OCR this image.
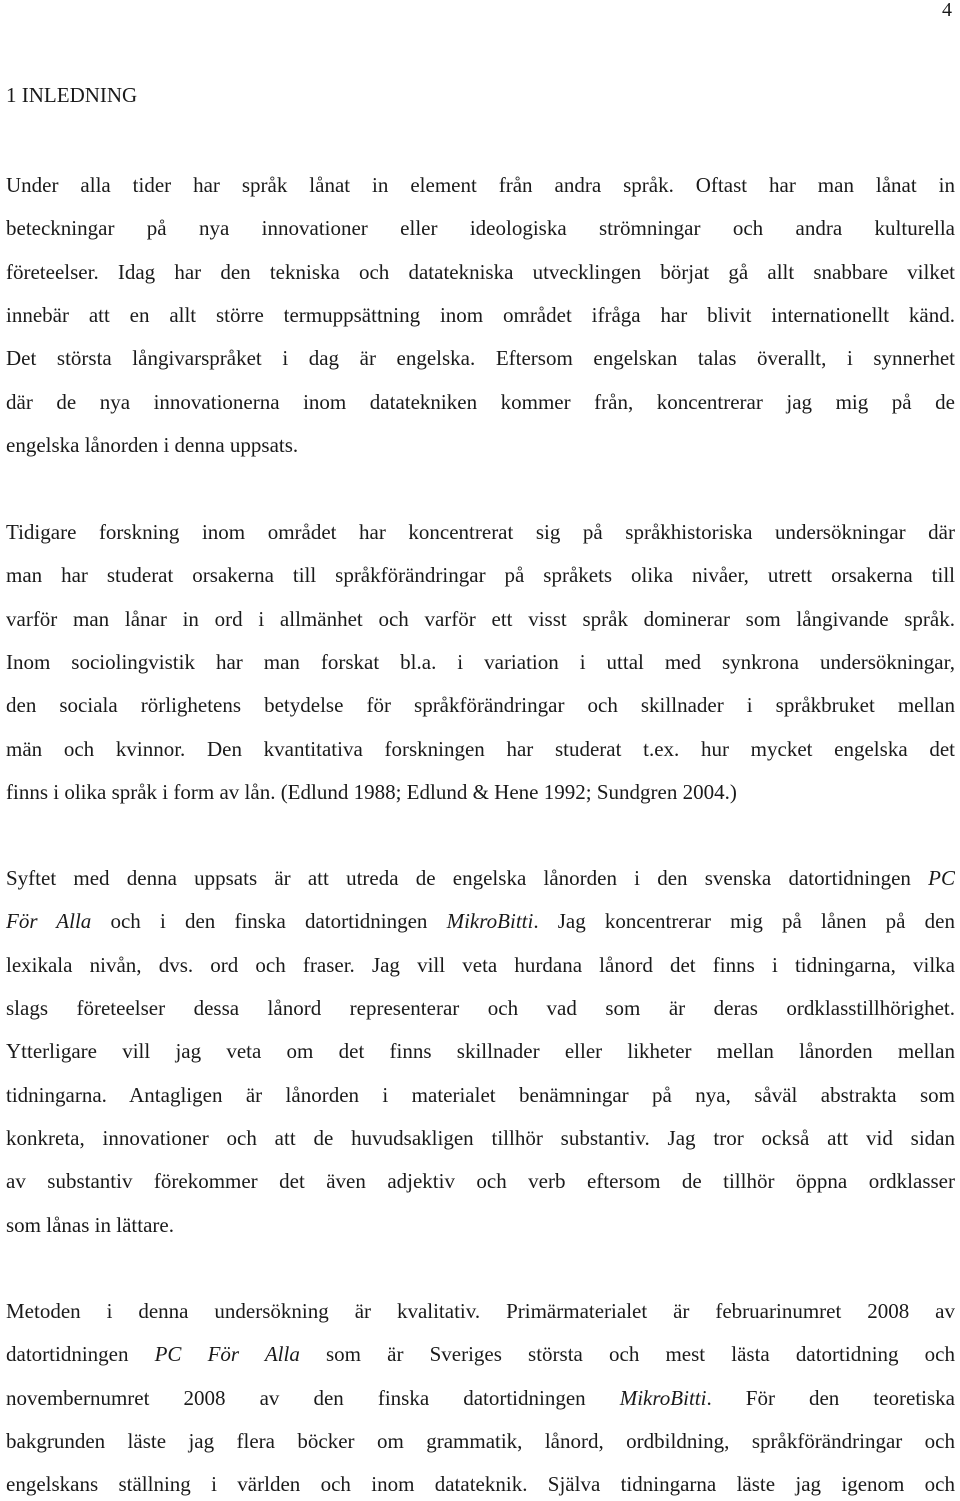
4
1 INLEDNING
Under alla tider har språk lånat in element från andra språk. Oftast har man lånat in
beteckningar på nya innovationer eller ideologiska strömningar och andra kulturella
företeelser. Idag har den tekniska och datatekniska utvecklingen börjat gå allt snabbare vilket
innebär att en allt större termuppsättning inom området ifråga har blivit internationellt känd.
Det största långivarspråket i dag är engelska. Eftersom engelskan talas överallt, i synnerhet
där de nya innovationerna inom datatekniken kommer från, koncentrerar jag mig på de
engelska lånorden i denna uppsats.
Tidigare forskning inom området har koncentrerat sig på språkhistoriska undersökningar där
man har studerat orsakerna till språkförändringar på språkets olika nivåer, utrett orsakerna till
varför man lånar in ord i allmänhet och varför ett visst språk dominerar som långivande språk.
Inom sociolingvistik har man forskat bl.a. i variation i uttal med synkrona undersökningar,
den sociala rörlighetens betydelse för språkförändringar och skillnader i språkbruket mellan
män och kvinnor. Den kvantitativa forskningen har studerat t.ex. hur mycket engelska det
finns i olika språk i form av lån. (Edlund 1988; Edlund & Hene 1992; Sundgren 2004.)
Syftet med denna uppsats är att utreda de engelska lånorden i den svenska datortidningen PC
För Alla och i den finska datortidningen MikroBitti. Jag koncentrerar mig på lånen på den
lexikala nivån, dvs. ord och fraser. Jag vill veta hurdana lånord det finns i tidningarna, vilka
slags företeelser dessa lånord representerar och vad som är deras ordklasstillhörighet.
Ytterligare vill jag veta om det finns skillnader eller likheter mellan lånorden mellan
tidningarna. Antagligen är lånorden i materialet benämningar på nya, såväl abstrakta som
konkreta, innovationer och att de huvudsakligen tillhör substantiv. Jag tror också att vid sidan
av substantiv förekommer det även adjektiv och verb eftersom de tillhör öppna ordklasser
som lånas in lättare.
Metoden i denna undersökning är kvalitativ. Primärmaterialet är februarinumret 2008 av
datortidningen PC För Alla som är Sveriges största och mest lästa datortidning och
novembernumret 2008 av den finska datortidningen MikroBitti. För den teoretiska
bakgrunden läste jag flera böcker om grammatik, lånord, ordbildning, språkförändringar och
engelskans ställning i världen och inom datateknik. Själva tidningarna läste jag igenom och
